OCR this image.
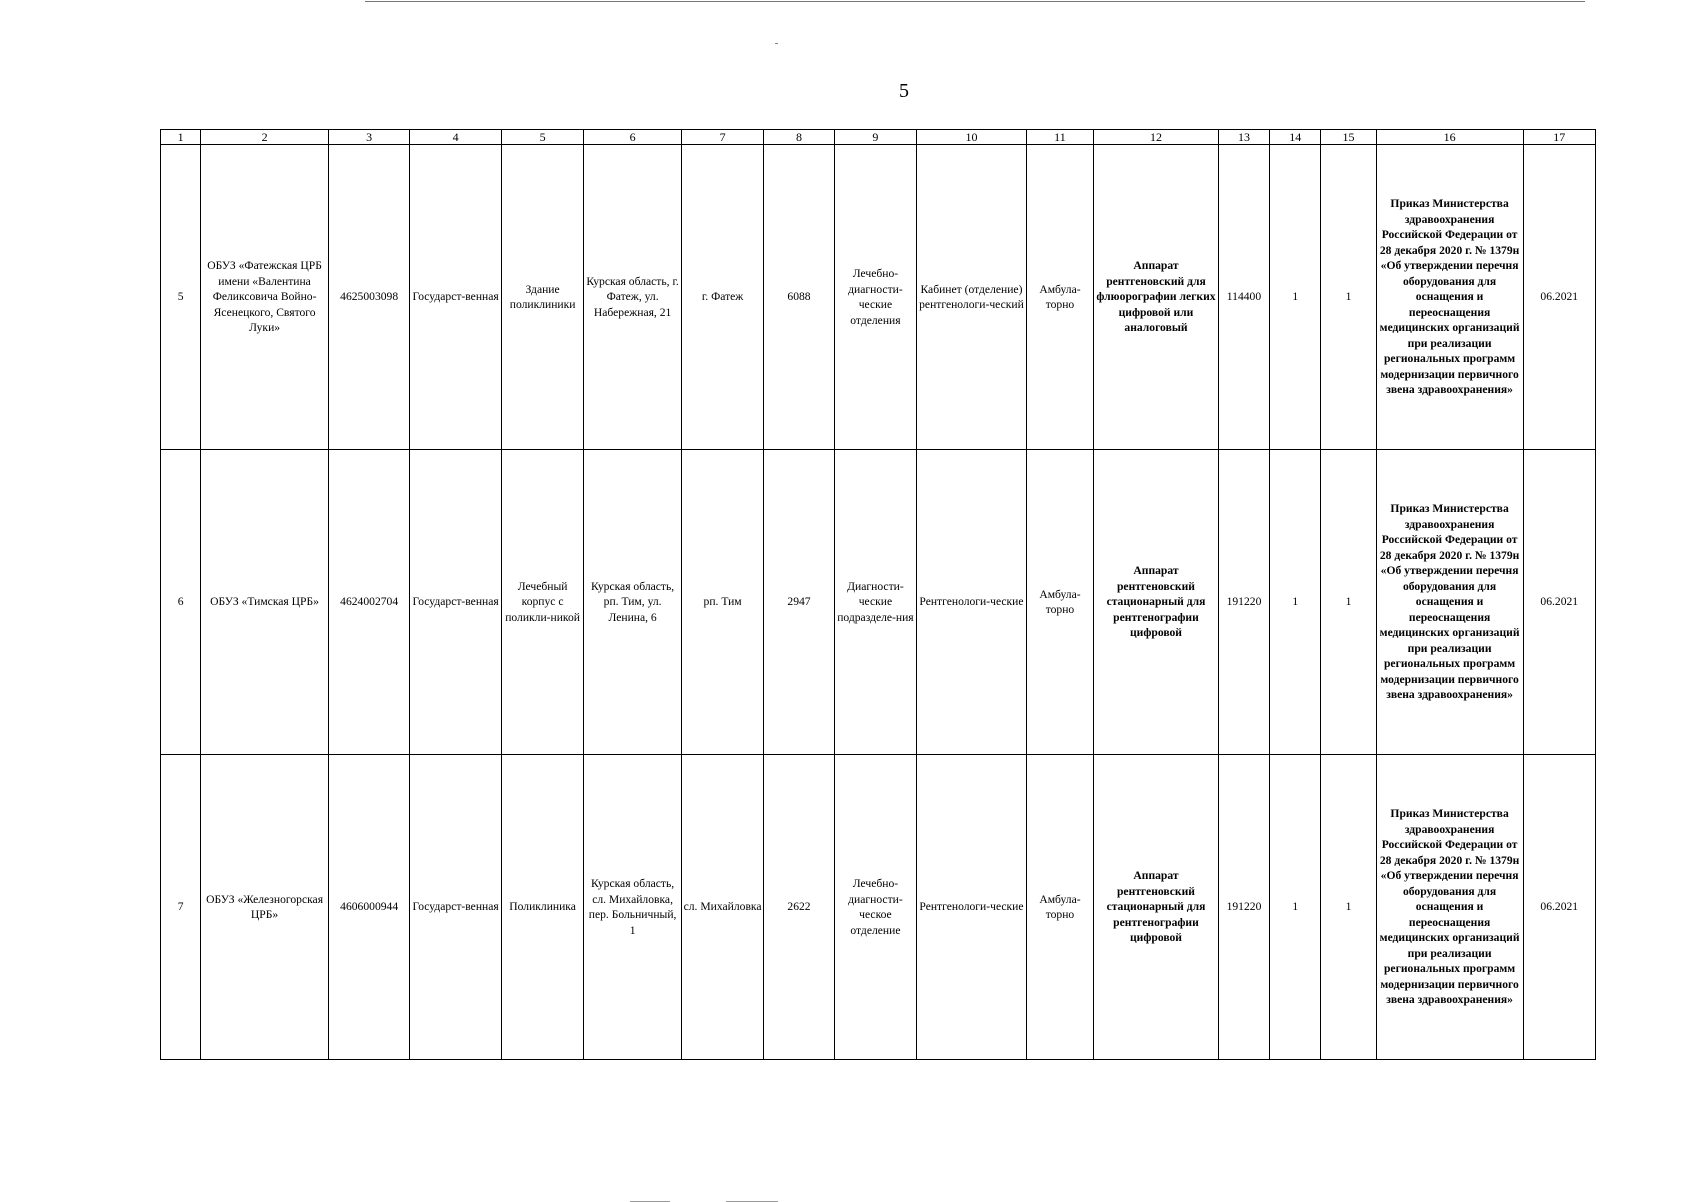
5
1	2	3	4	5	6	7	8	9	10	11	12	13	14	15	16	17
5	ОБУЗ «Фатежская ЦРБ имени «Валентина Феликсовича Войно-Ясенецкого, Святого Луки»	4625003098	Государст-венная	Здание поликлиники	Курская область, г. Фатеж, ул. Набережная, 21	г. Фатеж	6088	Лечебно-диагности-ческие отделения	Кабинет (отделение) рентгенологи-ческий	Амбула-торно	Аппарат рентгеновский для флюорографии легких цифровой или аналоговый	114400	1	1	Приказ Министерства здравоохранения Российской Федерации от 28 декабря 2020 г. № 1379н «Об утверждении перечня оборудования для оснащения и переоснащения медицинских организаций при реализации региональных программ модернизации первичного звена здравоохранения»	06.2021
6	ОБУЗ «Тимская ЦРБ»	4624002704	Государст-венная	Лечебный корпус с поликли-никой	Курская область, рп. Тим, ул. Ленина, 6	рп. Тим	2947	Диагности-ческие подразделе-ния	Рентгенологи-ческие	Амбула-торно	Аппарат рентгеновский стационарный для рентгенографии цифровой	191220	1	1	Приказ Министерства здравоохранения Российской Федерации от 28 декабря 2020 г. № 1379н «Об утверждении перечня оборудования для оснащения и переоснащения медицинских организаций при реализации региональных программ модернизации первичного звена здравоохранения»	06.2021
7	ОБУЗ «Железногорская ЦРБ»	4606000944	Государст-венная	Поликлиника	Курская область, сл. Михайловка, пер. Больничный, 1	сл. Михайловка	2622	Лечебно-диагности-ческое отделение	Рентгенологи-ческие	Амбула-торно	Аппарат рентгеновский стационарный для рентгенографии цифровой	191220	1	1	Приказ Министерства здравоохранения Российской Федерации от 28 декабря 2020 г. № 1379н «Об утверждении перечня оборудования для оснащения и переоснащения медицинских организаций при реализации региональных программ модернизации первичного звена здравоохранения»	06.2021
